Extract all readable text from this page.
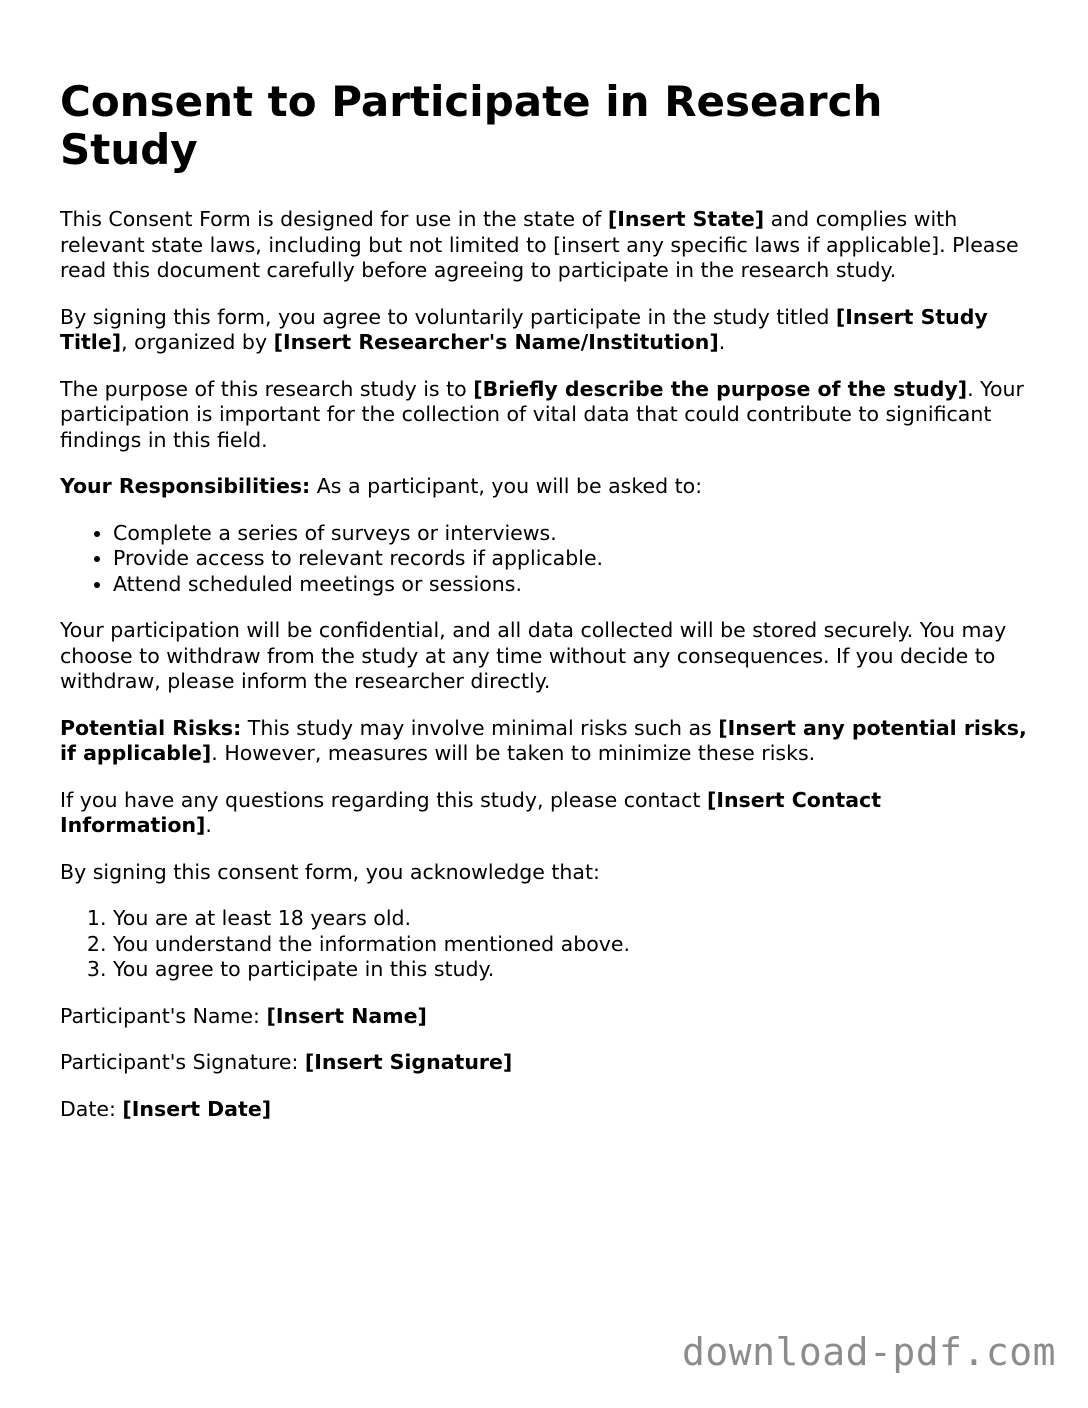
Consent to Participate in Research Study

This Consent Form is designed for use in the state of [Insert State] and complies with relevant state laws, including but not limited to [insert any specific laws if applicable]. Please read this document carefully before agreeing to participate in the research study.

By signing this form, you agree to voluntarily participate in the study titled [Insert Study Title], organized by [Insert Researcher's Name/Institution].

The purpose of this research study is to [Briefly describe the purpose of the study]. Your participation is important for the collection of vital data that could contribute to significant findings in this field.

Your Responsibilities: As a participant, you will be asked to:

• Complete a series of surveys or interviews.
• Provide access to relevant records if applicable.
• Attend scheduled meetings or sessions.

Your participation will be confidential, and all data collected will be stored securely. You may choose to withdraw from the study at any time without any consequences. If you decide to withdraw, please inform the researcher directly.

Potential Risks: This study may involve minimal risks such as [Insert any potential risks, if applicable]. However, measures will be taken to minimize these risks.

If you have any questions regarding this study, please contact [Insert Contact Information].

By signing this consent form, you acknowledge that:

1. You are at least 18 years old.
2. You understand the information mentioned above.
3. You agree to participate in this study.

Participant's Name: [Insert Name]

Participant's Signature: [Insert Signature]

Date: [Insert Date]

download-pdf.com
